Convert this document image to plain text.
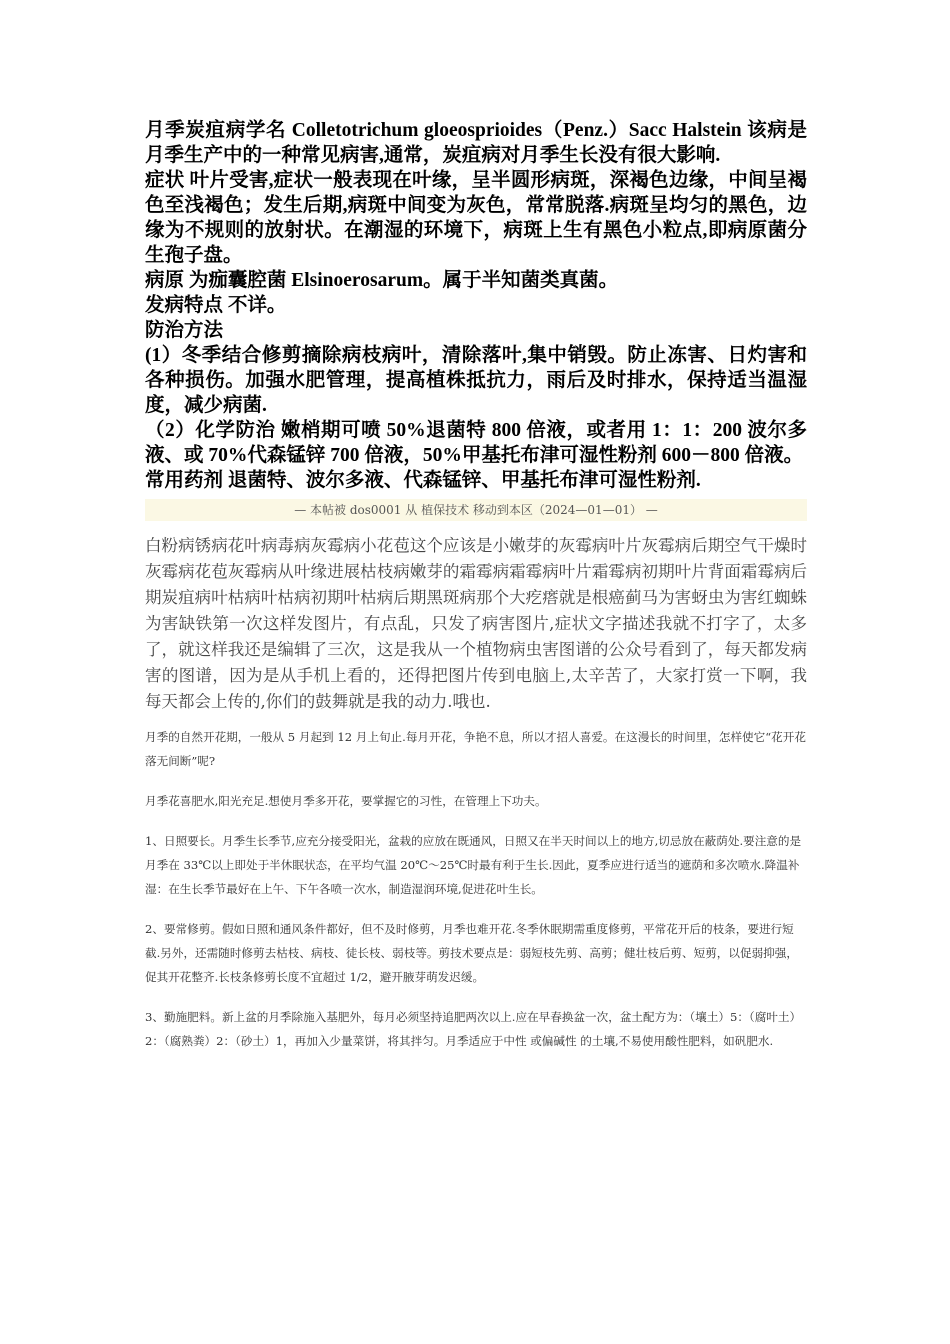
月季炭疽病学名 Colletotrichum gloeosprioides（Penz.）Sacc Halstein 该病是月季生产中的一种常见病害,通常，炭疽病对月季生长没有很大影响.

症状 叶片受害,症状一般表现在叶缘，呈半圆形病斑，深褐色边缘，中间呈褐色至浅褐色；发生后期,病斑中间变为灰色，常常脱落.病斑呈均匀的黑色，边缘为不规则的放射状。在潮湿的环境下，病斑上生有黑色小粒点,即病原菌分生孢子盘。

病原 为痂囊腔菌 Elsinoerosarum。属于半知菌类真菌。

发病特点 不详。

防治方法

(1）冬季结合修剪摘除病枝病叶，清除落叶,集中销毁。防止冻害、日灼害和各种损伤。加强水肥管理，提高植株抵抗力，雨后及时排水，保持适当温湿度，减少病菌.

（2）化学防治 嫩梢期可喷 50%退菌特 800 倍液，或者用 1：1：200 波尔多液、或 70%代森锰锌 700 倍液，50%甲基托布津可湿性粉剂 600－800 倍液。

常用药剂 退菌特、波尔多液、代森锰锌、甲基托布津可湿性粉剂.

— 本帖被 dos0001 从 植保技术 移动到本区（2024—01—01） —
白粉病锈病花叶病毒病灰霉病小花苞这个应该是小嫩芽的灰霉病叶片灰霉病后期空气干燥时灰霉病花苞灰霉病从叶缘进展枯枝病嫩芽的霜霉病霜霉病叶片霜霉病初期叶片背面霜霉病后期炭疽病叶枯病叶枯病初期叶枯病后期黑斑病那个大疙瘩就是根癌蓟马为害蚜虫为害红蜘蛛为害缺铁第一次这样发图片，有点乱，只发了病害图片,症状文字描述我就不打字了，太多了，就这样我还是编辑了三次，这是我从一个植物病虫害图谱的公众号看到了，每天都发病害的图谱，因为是从手机上看的，还得把图片传到电脑上,太辛苦了，大家打赏一下啊，我每天都会上传的,你们的鼓舞就是我的动力.哦也.

月季的自然开花期，一般从 5 月起到 12 月上旬止.每月开花，争艳不息，所以才招人喜爱。在这漫长的时间里，怎样使它“花开花落无间断”呢?

月季花喜肥水,阳光充足.想使月季多开花，要掌握它的习性，在管理上下功夫。

1、日照要长。月季生长季节,应充分接受阳光，盆栽的应放在既通风，日照又在半天时间以上的地方,切忌放在蔽荫处.要注意的是月季在 33℃以上即处于半休眠状态，在平均气温 20℃～25℃时最有利于生长.因此，夏季应进行适当的遮荫和多次喷水.降温补湿：在生长季节最好在上午、下午各喷一次水，制造湿润环境,促进花叶生长。

2、要常修剪。假如日照和通风条件都好，但不及时修剪，月季也难开花.冬季休眠期需重度修剪，平常花开后的枝条，要进行短截.另外，还需随时修剪去枯枝、病枝、徒长枝、弱枝等。剪技术要点是：弱短枝先剪、高剪；健壮枝后剪、短剪，以促弱抑强，促其开花整齐.长枝条修剪长度不宜超过 1/2，避开腋芽萌发迟缓。

3、勤施肥料。新上盆的月季除施入基肥外，每月必须坚持追肥两次以上.应在早春换盆一次，盆土配方为：（壤土）5：（腐叶土）2：（腐熟粪）2：（砂土）1，再加入少量菜饼，将其拌匀。月季适应于中性 或偏碱性 的土壤,不易使用酸性肥料，如矾肥水.
